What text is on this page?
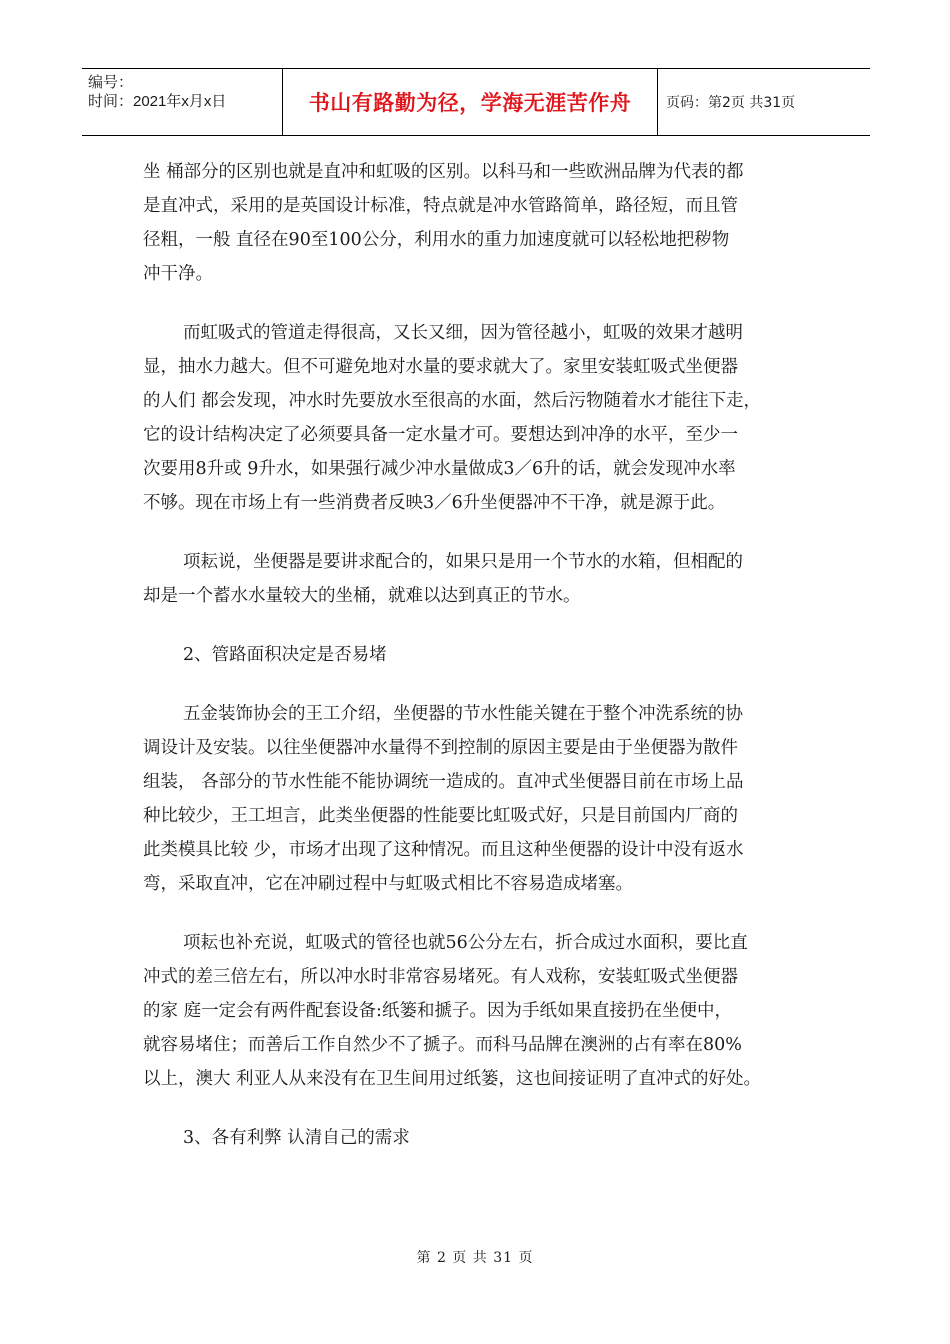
编号：
时间：2021年x月x日	书山有路勤为径，学海无涯苦作舟	页码：第2页 共31页
坐 桶部分的区别也就是直冲和虹吸的区别。以科马和一些欧洲品牌为代表的都
是直冲式，采用的是英国设计标准，特点就是冲水管路简单，路径短，而且管
径粗，一般 直径在90至100公分，利用水的重力加速度就可以轻松地把秽物
冲干净。
而虹吸式的管道走得很高，又长又细，因为管径越小，虹吸的效果才越明
显，抽水力越大。但不可避免地对水量的要求就大了。家里安装虹吸式坐便器
的人们 都会发现，冲水时先要放水至很高的水面，然后污物随着水才能往下走，
它的设计结构决定了必须要具备一定水量才可。要想达到冲净的水平，至少一
次要用8升或 9升水，如果强行减少冲水量做成3／6升的话，就会发现冲水率
不够。现在市场上有一些消费者反映3／6升坐便器冲不干净，就是源于此。
项耘说，坐便器是要讲求配合的，如果只是用一个节水的水箱，但相配的
却是一个蓄水水量较大的坐桶，就难以达到真正的节水。
2、管路面积决定是否易堵
五金装饰协会的王工介绍，坐便器的节水性能关键在于整个冲洗系统的协
调设计及安装。以往坐便器冲水量得不到控制的原因主要是由于坐便器为散件
组装， 各部分的节水性能不能协调统一造成的。直冲式坐便器目前在市场上品
种比较少，王工坦言，此类坐便器的性能要比虹吸式好，只是目前国内厂商的
此类模具比较 少，市场才出现了这种情况。而且这种坐便器的设计中没有返水
弯，采取直冲，它在冲刷过程中与虹吸式相比不容易造成堵塞。
项耘也补充说，虹吸式的管径也就56公分左右，折合成过水面积，要比直
冲式的差三倍左右，所以冲水时非常容易堵死。有人戏称，安装虹吸式坐便器
的家 庭一定会有两件配套设备:纸篓和搋子。因为手纸如果直接扔在坐便中，
就容易堵住；而善后工作自然少不了搋子。而科马品牌在澳洲的占有率在80%
以上，澳大 利亚人从来没有在卫生间用过纸篓，这也间接证明了直冲式的好处。
3、各有利弊 认清自己的需求
第 2 页 共 31 页
